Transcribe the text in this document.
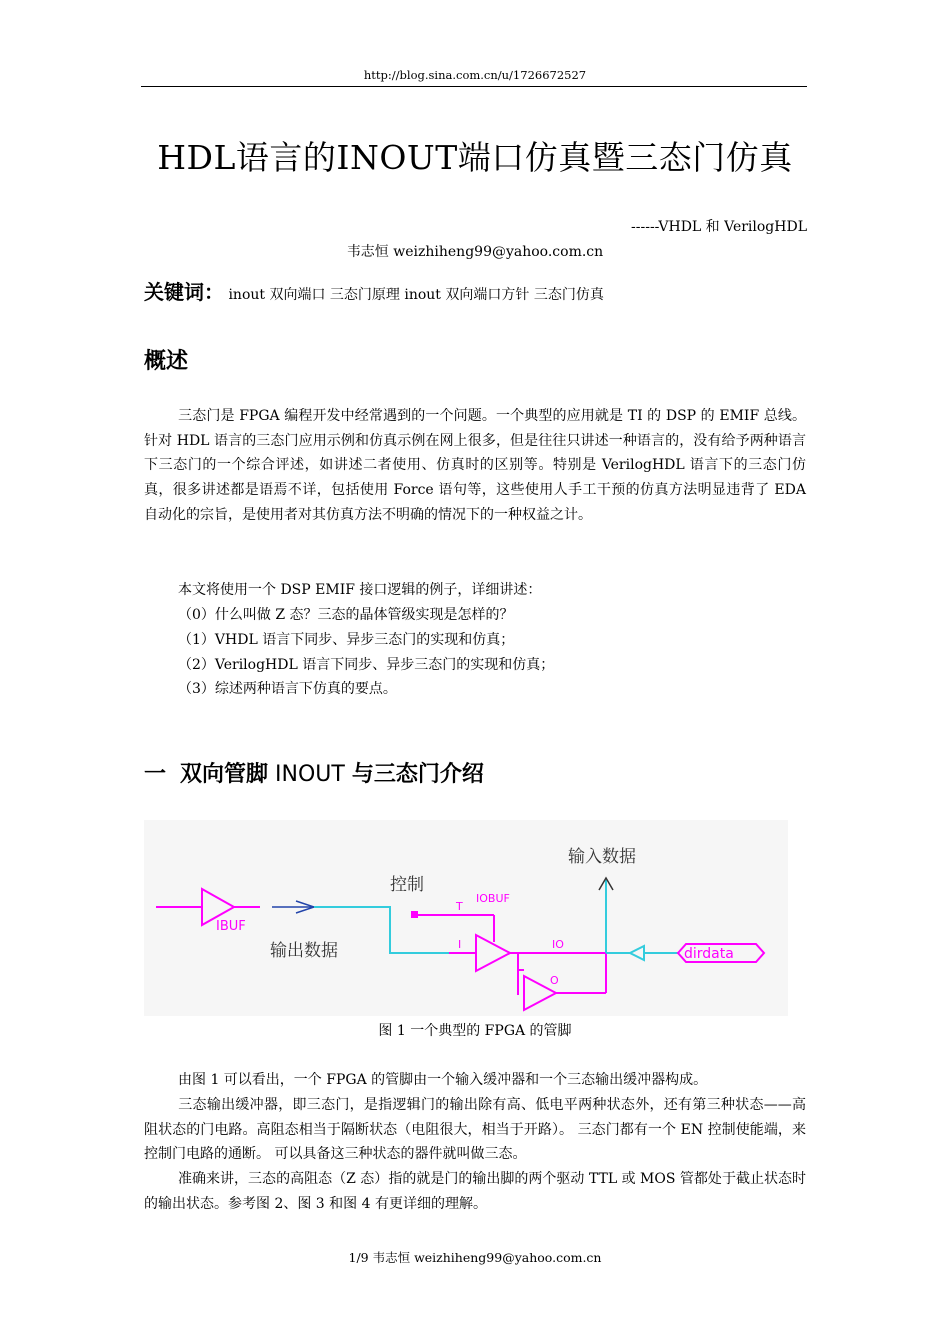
http://blog.sina.com.cn/u/1726672527
HDL语言的INOUT端口仿真暨三态门仿真
------VHDL 和 VerilogHDL
韦志恒 weizhiheng99@yahoo.com.cn
关键词： inout 双向端口 三态门原理 inout 双向端口方针 三态门仿真
概述
三态门是 FPGA 编程开发中经常遇到的一个问题。一个典型的应用就是 TI 的 DSP 的 EMIF 总线。针对 HDL 语言的三态门应用示例和仿真示例在网上很多，但是往往只讲述一种语言的，没有给予两种语言下三态门的一个综合评述，如讲述二者使用、仿真时的区别等。特别是 VerilogHDL 语言下的三态门仿真，很多讲述都是语焉不详，包括使用 Force 语句等，这些使用人手工干预的仿真方法明显违背了 EDA 自动化的宗旨，是使用者对其仿真方法不明确的情况下的一种权益之计。
本文将使用一个 DSP EMIF 接口逻辑的例子，详细讲述：
（0）什么叫做 Z 态？三态的晶体管级实现是怎样的？
（1）VHDL 语言下同步、异步三态门的实现和仿真；
（2）VerilogHDL 语言下同步、异步三态门的实现和仿真；
（3）综述两种语言下仿真的要点。
一 双向管脚 INOUT 与三态门介绍
IBUF
dirdata
输入数据
控制
输出数据
T
IOBUF
I	IO
O
图 1 一个典型的 FPGA 的管脚
由图 1 可以看出，一个 FPGA 的管脚由一个输入缓冲器和一个三态输出缓冲器构成。
三态输出缓冲器，即三态门，是指逻辑门的输出除有高、低电平两种状态外，还有第三种状态——高阻状态的门电路。高阻态相当于隔断状态（电阻很大，相当于开路）。 三态门都有一个 EN 控制使能端，来控制门电路的通断。 可以具备这三种状态的器件就叫做三态。
准确来讲，三态的高阻态（Z 态）指的就是门的输出脚的两个驱动 TTL 或 MOS 管都处于截止状态时的输出状态。参考图 2、图 3 和图 4 有更详细的理解。
1/9 韦志恒 weizhiheng99@yahoo.com.cn
